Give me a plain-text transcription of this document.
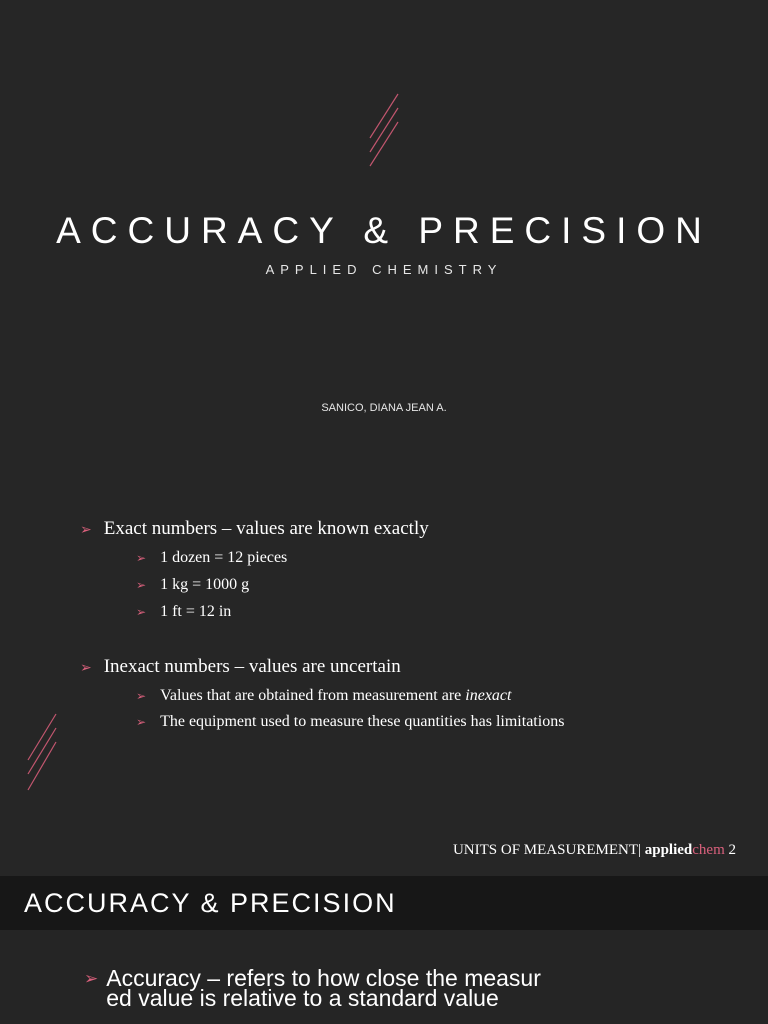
ACCURACY & PRECISION
APPLIED CHEMISTRY
SANICO, DIANA JEAN A.
➢ Exact numbers – values are known exactly
➢ 1 dozen = 12 pieces
➢ 1 kg = 1000 g
➢ 1 ft = 12 in
➢ Inexact numbers – values are uncertain
➢ Values that are obtained from measurement are inexact
➢ The equipment used to measure these quantities has limitations
UNITS OF MEASUREMENT| appliedchem 2
ACCURACY & PRECISION
➢ Accuracy – refers to how close the measur
ed value is relative to a standard value
